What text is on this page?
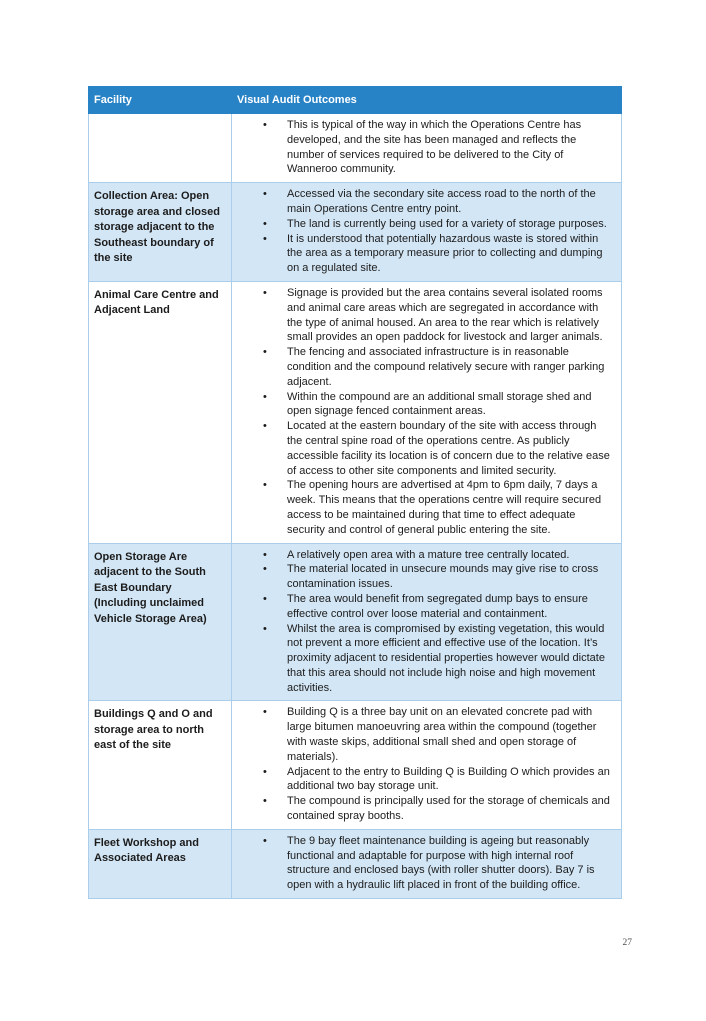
Facility	Visual Audit Outcomes

• This is typical of the way in which the Operations Centre has developed, and the site has been managed and reflects the number of services required to be delivered to the City of Wanneroo community.

Collection Area: Open storage area and closed storage adjacent to the Southeast boundary of the site	
• Accessed via the secondary site access road to the north of the main Operations Centre entry point.
• The land is currently being used for a variety of storage purposes.
• It is understood that potentially hazardous waste is stored within the area as a temporary measure prior to collecting and dumping on a regulated site.

Animal Care Centre and Adjacent Land	
• Signage is provided but the area contains several isolated rooms and animal care areas which are segregated in accordance with the type of animal housed. An area to the rear which is relatively small provides an open paddock for livestock and larger animals.
• The fencing and associated infrastructure is in reasonable condition and the compound relatively secure with ranger parking adjacent.
• Within the compound are an additional small storage shed and open signage fenced containment areas.
• Located at the eastern boundary of the site with access through the central spine road of the operations centre. As publicly accessible facility its location is of concern due to the relative ease of access to other site components and limited security.
• The opening hours are advertised at 4pm to 6pm daily, 7 days a week. This means that the operations centre will require secured access to be maintained during that time to effect adequate security and control of general public entering the site.

Open Storage Are adjacent to the South East Boundary (Including unclaimed Vehicle Storage Area)	
• A relatively open area with a mature tree centrally located.
• The material located in unsecure mounds may give rise to cross contamination issues.
• The area would benefit from segregated dump bays to ensure effective control over loose material and containment.
• Whilst the area is compromised by existing vegetation, this would not prevent a more efficient and effective use of the location. It’s proximity adjacent to residential properties however would dictate that this area should not include high noise and high movement activities.

Buildings Q and O and storage area to north east of the site	
• Building Q is a three bay unit on an elevated concrete pad with large bitumen manoeuvring area within the compound (together with waste skips, additional small shed and open storage of materials).
• Adjacent to the entry to Building Q is Building O which provides an additional two bay storage unit.
• The compound is principally used for the storage of chemicals and contained spray booths.

Fleet Workshop and Associated Areas	
• The 9 bay fleet maintenance building is ageing but reasonably functional and adaptable for purpose with high internal roof structure and enclosed bays (with roller shutter doors). Bay 7 is open with a hydraulic lift placed in front of the building office.
27
